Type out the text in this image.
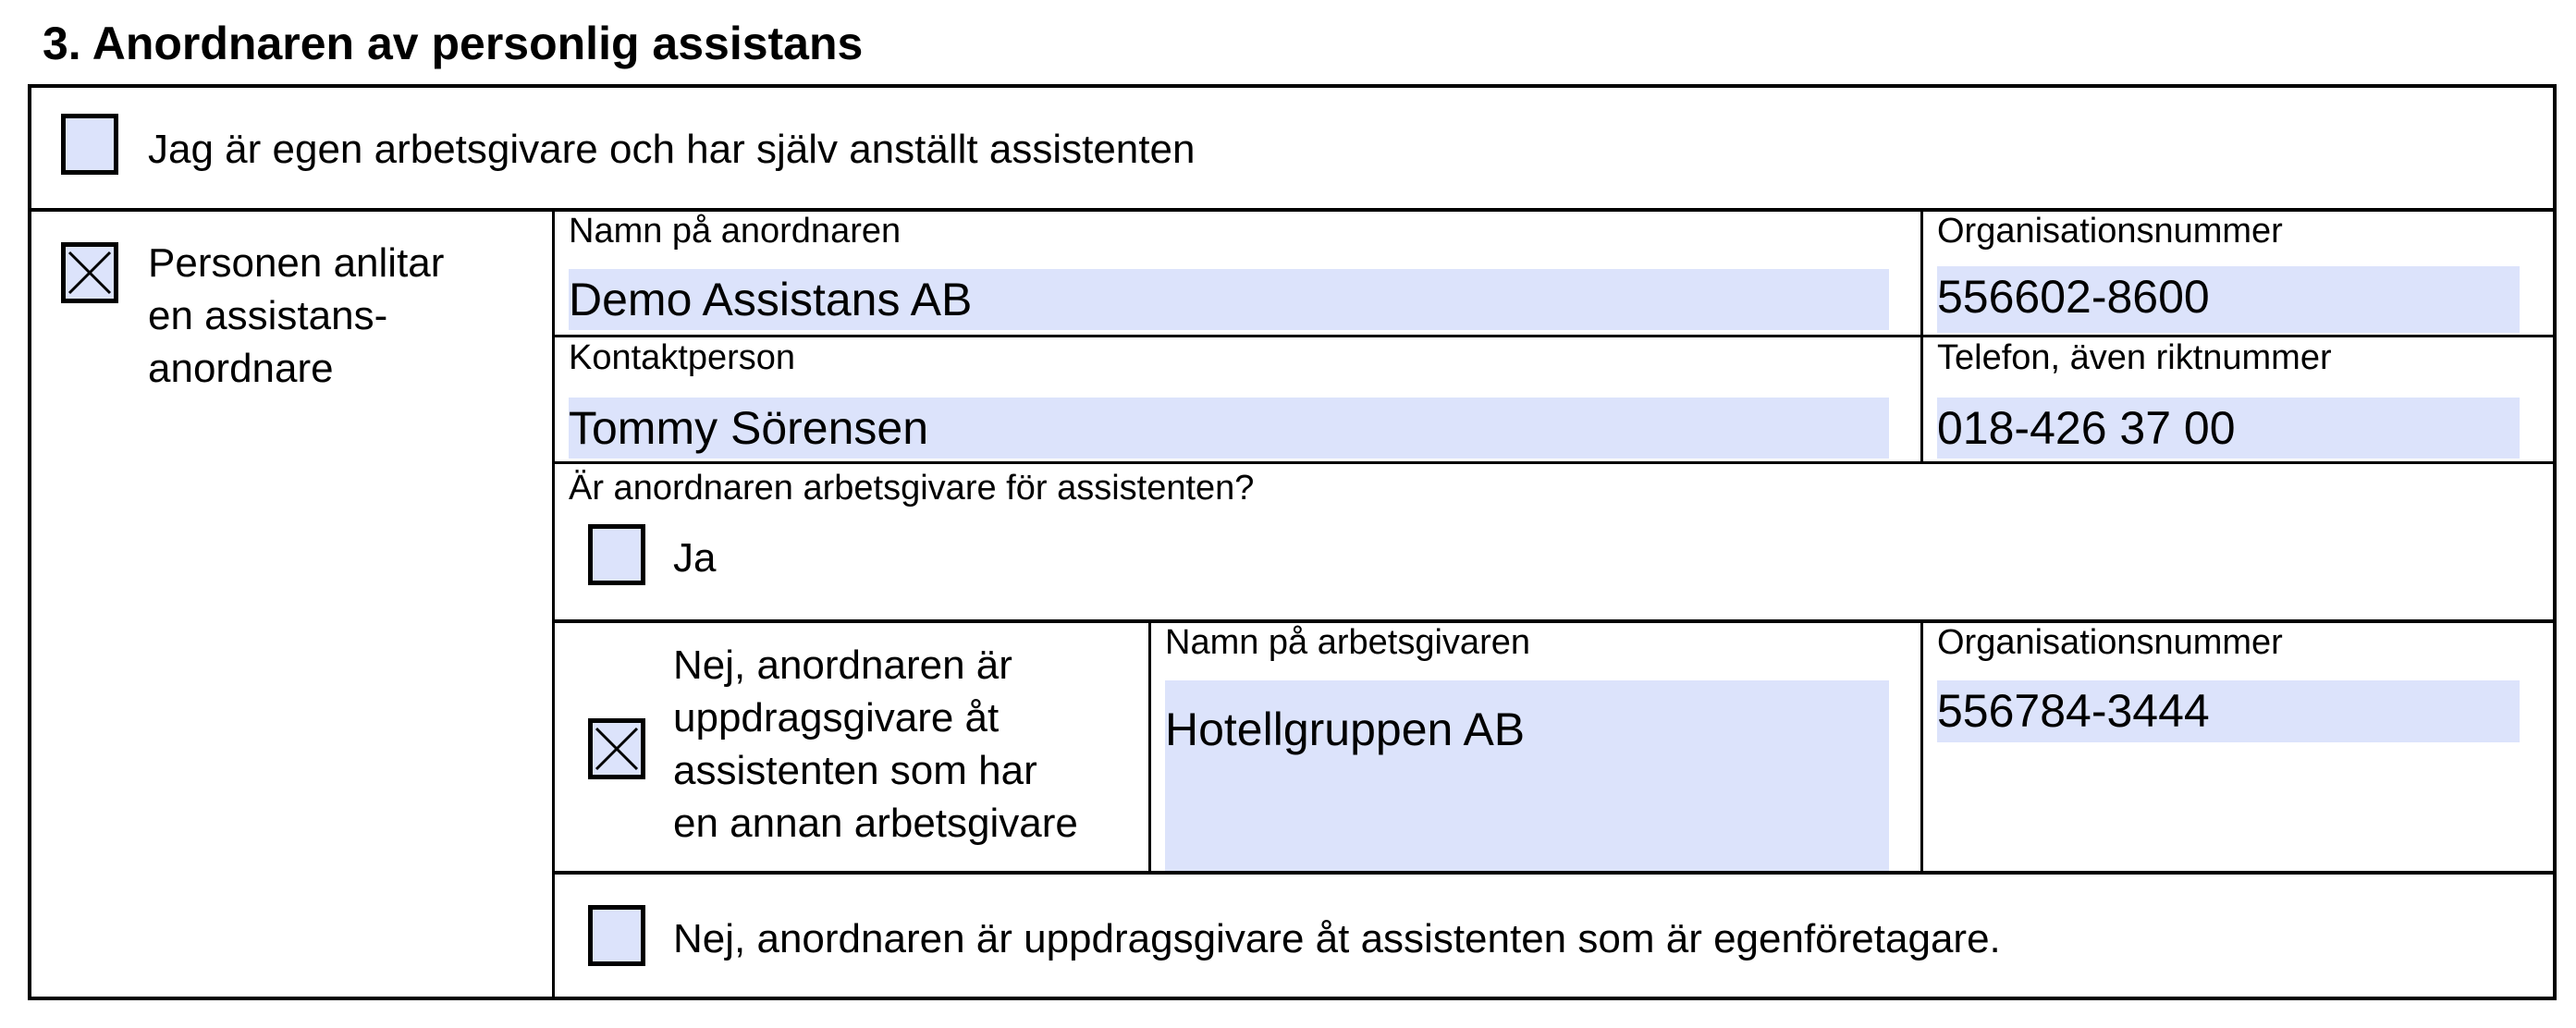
3. Anordnaren av personlig assistans
Jag är egen arbetsgivare och har själv anställt assistenten
Personen anlitar
en assistans-
anordnare
Namn på anordnaren
Demo Assistans AB
Organisationsnummer
556602-8600
Kontaktperson
Tommy Sörensen
Telefon, även riktnummer
018-426 37 00
Är anordnaren arbetsgivare för assistenten?
Ja
Nej, anordnaren är
uppdragsgivare åt
assistenten som har
en annan arbetsgivare
Namn på arbetsgivaren
Hotellgruppen AB
Organisationsnummer
556784-3444
Nej, anordnaren är uppdragsgivare åt assistenten som är egenföretagare.
